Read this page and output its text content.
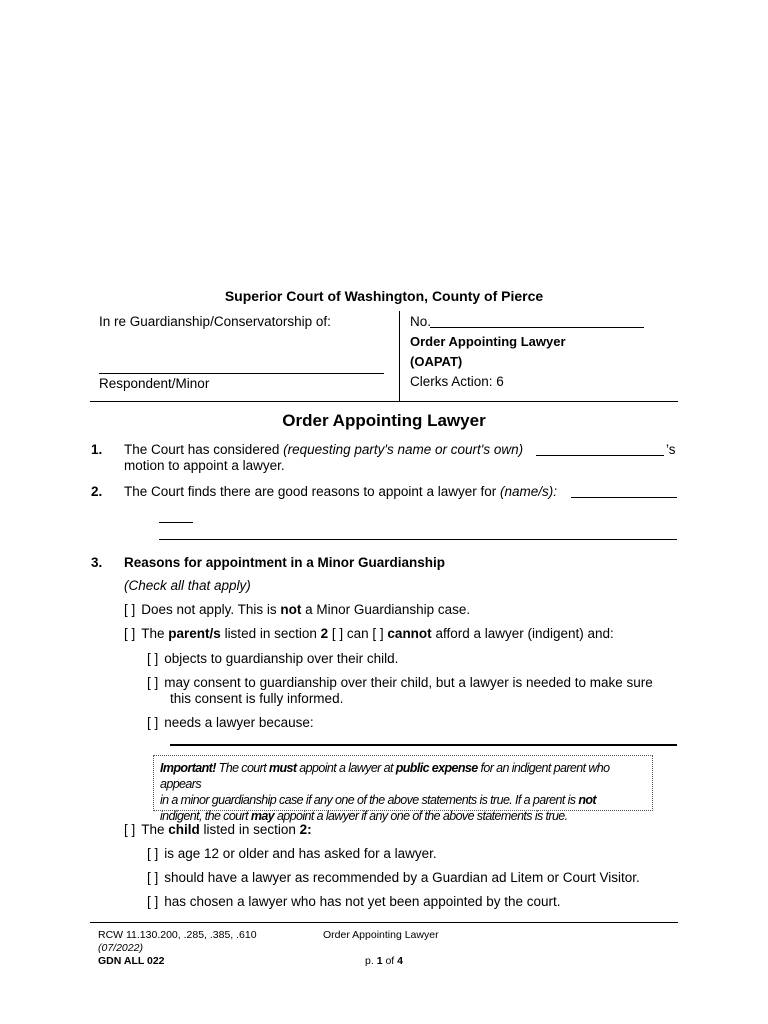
Superior Court of Washington, County of Pierce
In re Guardianship/Conservatorship of:
Respondent/Minor
No.
Order Appointing Lawyer
(OAPAT)
Clerks Action: 6
Order Appointing Lawyer
1. The Court has considered (requesting party's name or court's own)	’s
motion to appoint a lawyer.
2. The Court finds there are good reasons to appoint a lawyer for (name/s):
3. Reasons for appointment in a Minor Guardianship
(Check all that apply)
[ ] Does not apply. This is not a Minor Guardianship case.
[ ] The parent/s listed in section 2 [ ] can [ ] cannot afford a lawyer (indigent) and:
[ ] objects to guardianship over their child.
[ ] may consent to guardianship over their child, but a lawyer is needed to make sure
this consent is fully informed.
[ ] needs a lawyer because:
Important! The court must appoint a lawyer at public expense for an indigent parent who appears
in a minor guardianship case if any one of the above statements is true. If a parent is not
indigent, the court may appoint a lawyer if any one of the above statements is true.
[ ] The child listed in section 2:
[ ] is age 12 or older and has asked for a lawyer.
[ ] should have a lawyer as recommended by a Guardian ad Litem or Court Visitor.
[ ] has chosen a lawyer who has not yet been appointed by the court.
RCW 11.130.200, .285, .385, .610
(07/2022)
GDN ALL 022
Order Appointing Lawyer
p. 1 of 4
